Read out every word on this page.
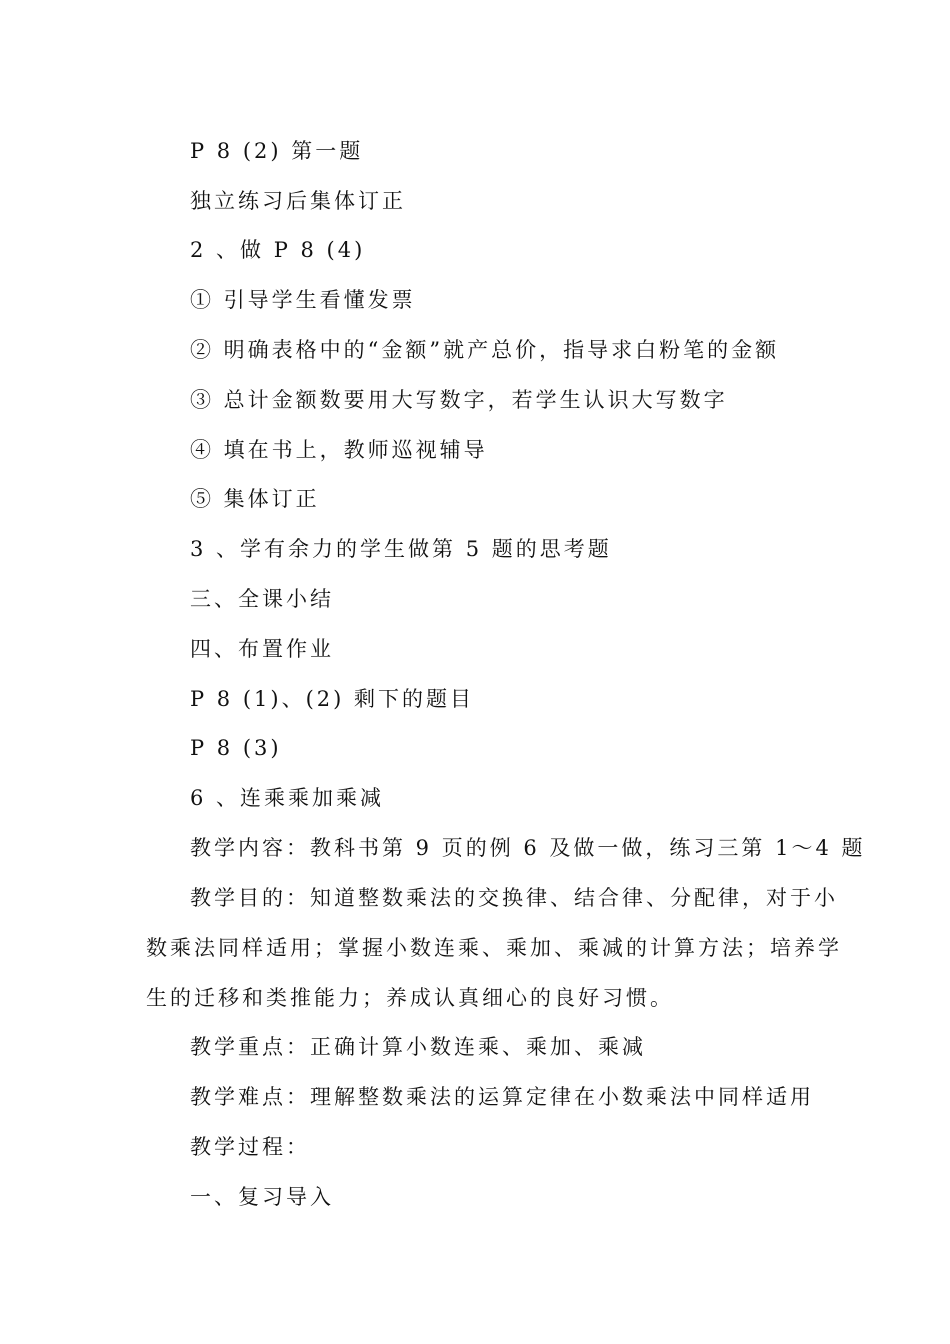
P 8 (2) 第一题
独立练习后集体订正
2 、做 P 8 (4)
① 引导学生看懂发票
② 明确表格中的“金额”就产总价，指导求白粉笔的金额
③ 总计金额数要用大写数字，若学生认识大写数字
④ 填在书上，教师巡视辅导
⑤ 集体订正
3 、学有余力的学生做第 5 题的思考题
三、全课小结
四、布置作业
P 8 (1)、(2) 剩下的题目
P 8 (3)
6 、连乘乘加乘减
教学内容：教科书第 9 页的例 6 及做一做，练习三第 1～4 题
教学目的：知道整数乘法的交换律、结合律、分配律，对于小
数乘法同样适用；掌握小数连乘、乘加、乘减的计算方法；培养学
生的迁移和类推能力；养成认真细心的良好习惯。
教学重点：正确计算小数连乘、乘加、乘减
教学难点：理解整数乘法的运算定律在小数乘法中同样适用
教学过程：
一、复习导入
